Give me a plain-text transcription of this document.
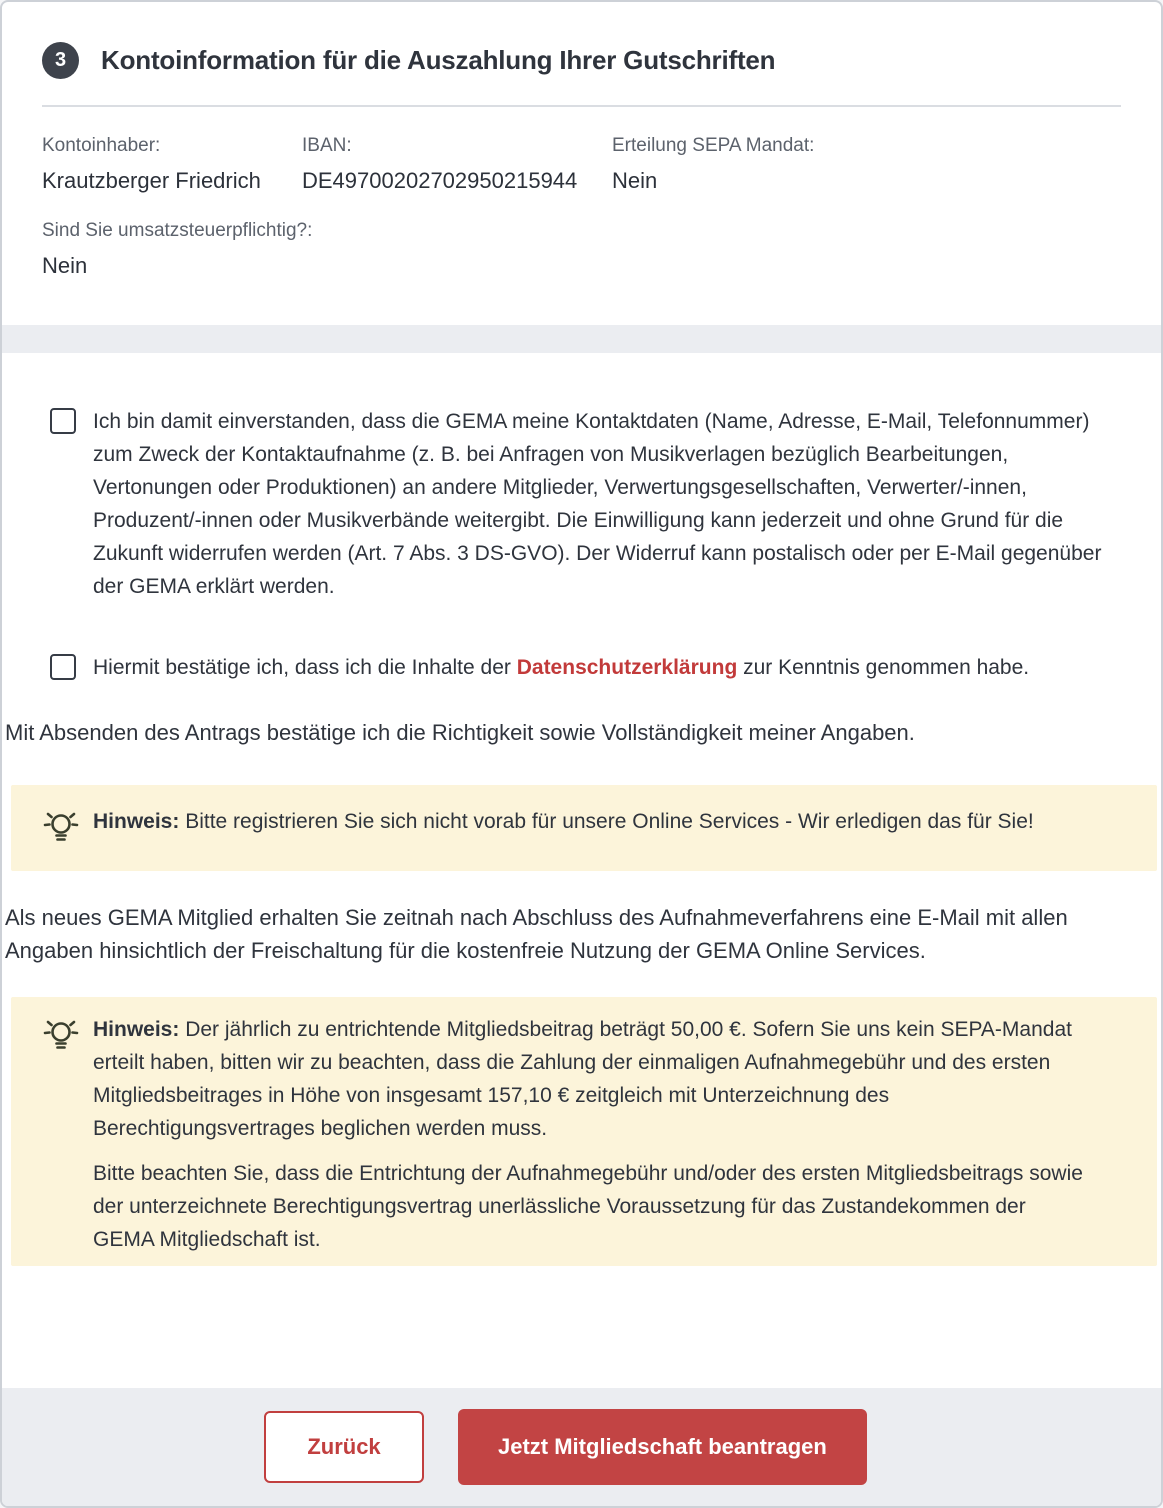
3	Kontoinformation für die Auszahlung Ihrer Gutschriften
Kontoinhaber:
Krautzberger Friedrich
IBAN:
DE49700202702950215944
Erteilung SEPA Mandat:
Nein
Sind Sie umsatzsteuerpflichtig?:
Nein

Ich bin damit einverstanden, dass die GEMA meine Kontaktdaten (Name, Adresse, E-Mail, Telefonnummer) zum Zweck der Kontaktaufnahme (z. B. bei Anfragen von Musikverlagen bezüglich Bearbeitungen, Vertonungen oder Produktionen) an andere Mitglieder, Verwertungsgesellschaften, Verwerter/-innen, Produzent/-innen oder Musikverbände weitergibt. Die Einwilligung kann jederzeit und ohne Grund für die Zukunft widerrufen werden (Art. 7 Abs. 3 DS-GVO). Der Widerruf kann postalisch oder per E-Mail gegenüber der GEMA erklärt werden.

Hiermit bestätige ich, dass ich die Inhalte der Datenschutzerklärung zur Kenntnis genommen habe.

Mit Absenden des Antrags bestätige ich die Richtigkeit sowie Vollständigkeit meiner Angaben.

Hinweis: Bitte registrieren Sie sich nicht vorab für unsere Online Services - Wir erledigen das für Sie!

Als neues GEMA Mitglied erhalten Sie zeitnah nach Abschluss des Aufnahmeverfahrens eine E-Mail mit allen Angaben hinsichtlich der Freischaltung für die kostenfreie Nutzung der GEMA Online Services.

Hinweis: Der jährlich zu entrichtende Mitgliedsbeitrag beträgt 50,00 €. Sofern Sie uns kein SEPA-Mandat erteilt haben, bitten wir zu beachten, dass die Zahlung der einmaligen Aufnahmegebühr und des ersten Mitgliedsbeitrages in Höhe von insgesamt 157,10 € zeitgleich mit Unterzeichnung des Berechtigungsvertrages beglichen werden muss.

Bitte beachten Sie, dass die Entrichtung der Aufnahmegebühr und/oder des ersten Mitgliedsbeitrags sowie der unterzeichnete Berechtigungsvertrag unerlässliche Voraussetzung für das Zustandekommen der GEMA Mitgliedschaft ist.

Zurück	Jetzt Mitgliedschaft beantragen
